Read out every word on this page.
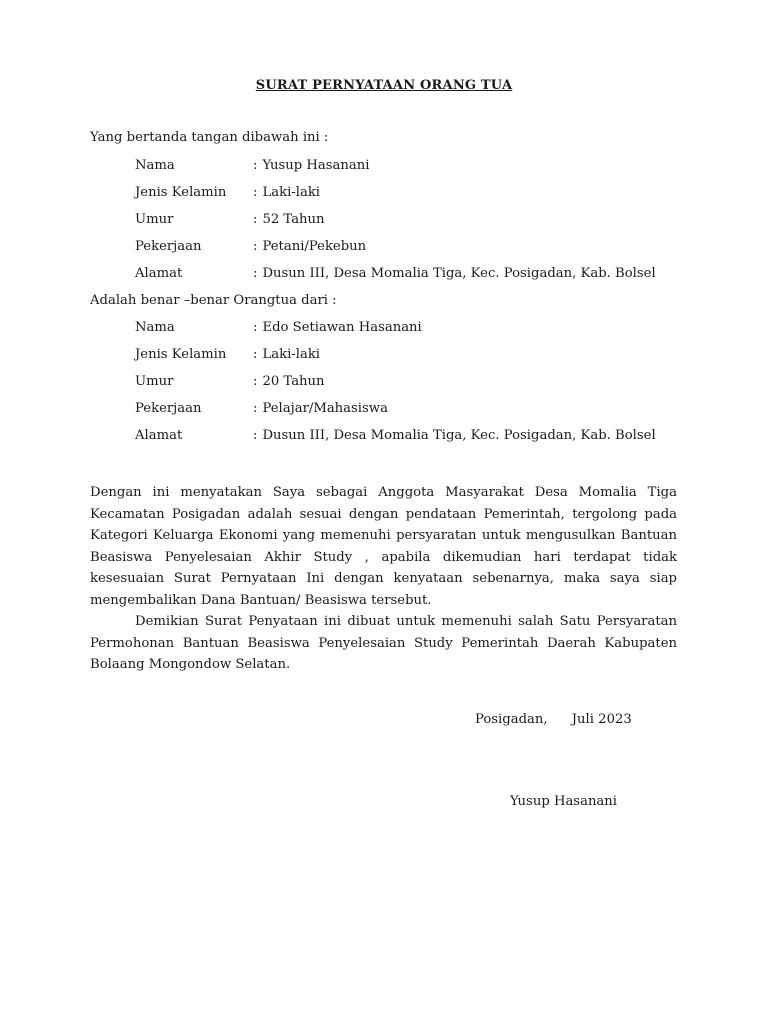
SURAT PERNYATAAN ORANG TUA
Yang bertanda tangan dibawah ini :
Nama	: Yusup Hasanani
Jenis Kelamin	: Laki-laki
Umur	: 52 Tahun
Pekerjaan	: Petani/Pekebun
Alamat	: Dusun III, Desa Momalia Tiga, Kec. Posigadan, Kab. Bolsel
Adalah benar –benar Orangtua dari :
Nama	: Edo Setiawan Hasanani
Jenis Kelamin	: Laki-laki
Umur	: 20 Tahun
Pekerjaan	: Pelajar/Mahasiswa
Alamat	: Dusun III, Desa Momalia Tiga, Kec. Posigadan, Kab. Bolsel

Dengan ini menyatakan Saya sebagai Anggota Masyarakat Desa Momalia Tiga Kecamatan Posigadan adalah sesuai dengan pendataan Pemerintah, tergolong pada Kategori Keluarga Ekonomi yang memenuhi persyaratan untuk mengusulkan Bantuan Beasiswa Penyelesaian Akhir Study , apabila dikemudian hari terdapat tidak kesesuaian Surat Pernyataan Ini dengan kenyataan sebenarnya, maka saya siap mengembalikan Dana Bantuan/ Beasiswa tersebut.

Demikian Surat Penyataan ini dibuat untuk memenuhi salah Satu Persyaratan Permohonan Bantuan Beasiswa Penyelesaian Study Pemerintah Daerah Kabupaten Bolaang Mongondow Selatan.

Posigadan, Juli 2023
Yusup Hasanani
